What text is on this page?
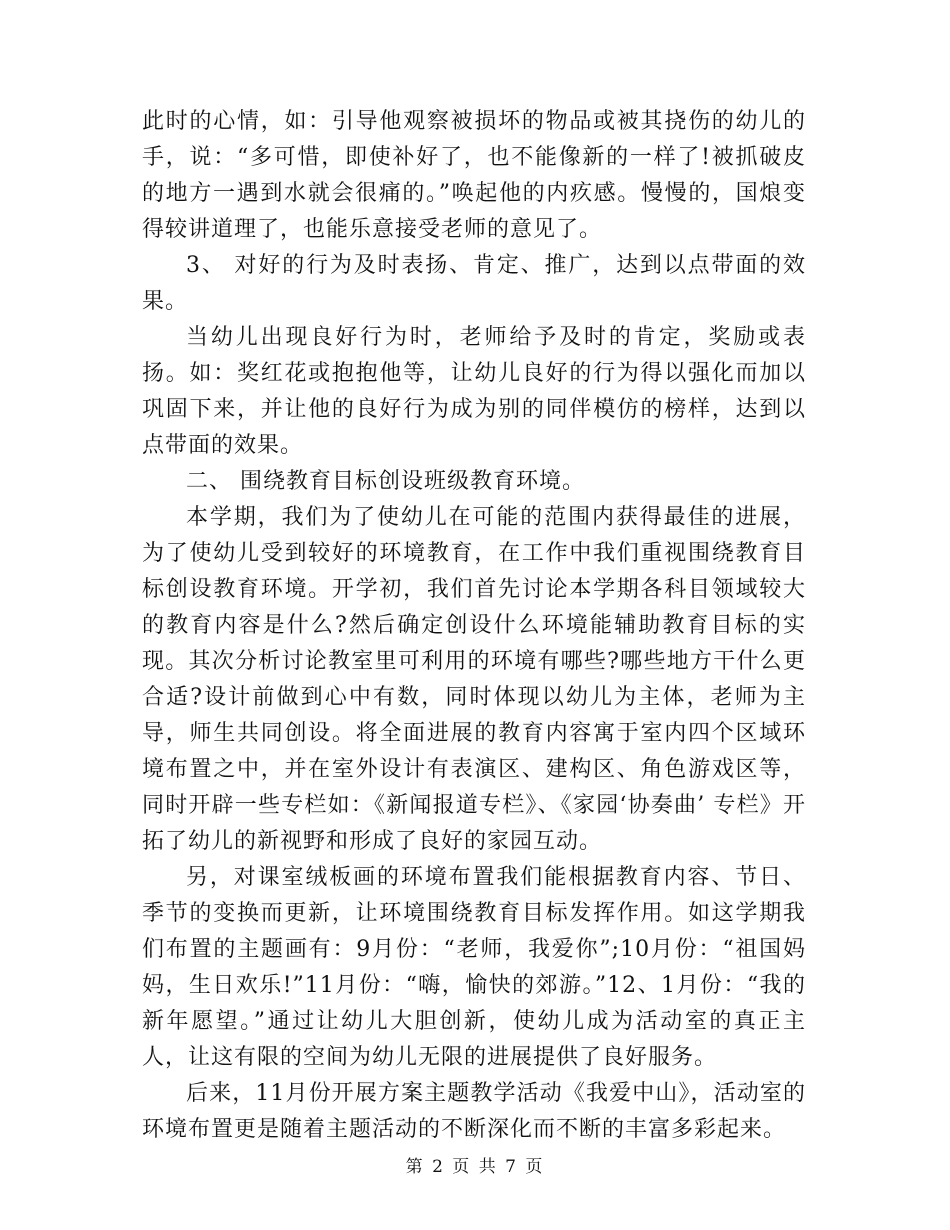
此时的心情，如：引导他观察被损坏的物品或被其挠伤的幼儿的手，说：“多可惜，即使补好了，也不能像新的一样了!被抓破皮的地方一遇到水就会很痛的。”唤起他的内疚感。慢慢的，国烺变得较讲道理了，也能乐意接受老师的意见了。

3、 对好的行为及时表扬、肯定、推广，达到以点带面的效果。

当幼儿出现良好行为时，老师给予及时的肯定，奖励或表扬。如：奖红花或抱抱他等，让幼儿良好的行为得以强化而加以巩固下来，并让他的良好行为成为别的同伴模仿的榜样，达到以点带面的效果。

二、 围绕教育目标创设班级教育环境。

本学期，我们为了使幼儿在可能的范围内获得最佳的进展，为了使幼儿受到较好的环境教育，在工作中我们重视围绕教育目标创设教育环境。开学初，我们首先讨论本学期各科目领域较大的教育内容是什么?然后确定创设什么环境能辅助教育目标的实现。其次分析讨论教室里可利用的环境有哪些?哪些地方干什么更合适?设计前做到心中有数，同时体现以幼儿为主体，老师为主导，师生共同创设。将全面进展的教育内容寓于室内四个区域环境布置之中，并在室外设计有表演区、建构区、角色游戏区等，同时开辟一些专栏如：《新闻报道专栏》、《家园‘协奏曲’ 专栏》开拓了幼儿的新视野和形成了良好的家园互动。

另，对课室绒板画的环境布置我们能根据教育内容、节日、季节的变换而更新，让环境围绕教育目标发挥作用。如这学期我们布置的主题画有：9月份：“老师，我爱你”;10月份：“祖国妈妈，生日欢乐!”11月份：“嗨，愉快的郊游。”12、1月份：“我的新年愿望。”通过让幼儿大胆创新，使幼儿成为活动室的真正主人，让这有限的空间为幼儿无限的进展提供了良好服务。

后来，11月份开展方案主题教学活动《我爱中山》，活动室的环境布置更是随着主题活动的不断深化而不断的丰富多彩起来。

第 2 页 共 7 页
